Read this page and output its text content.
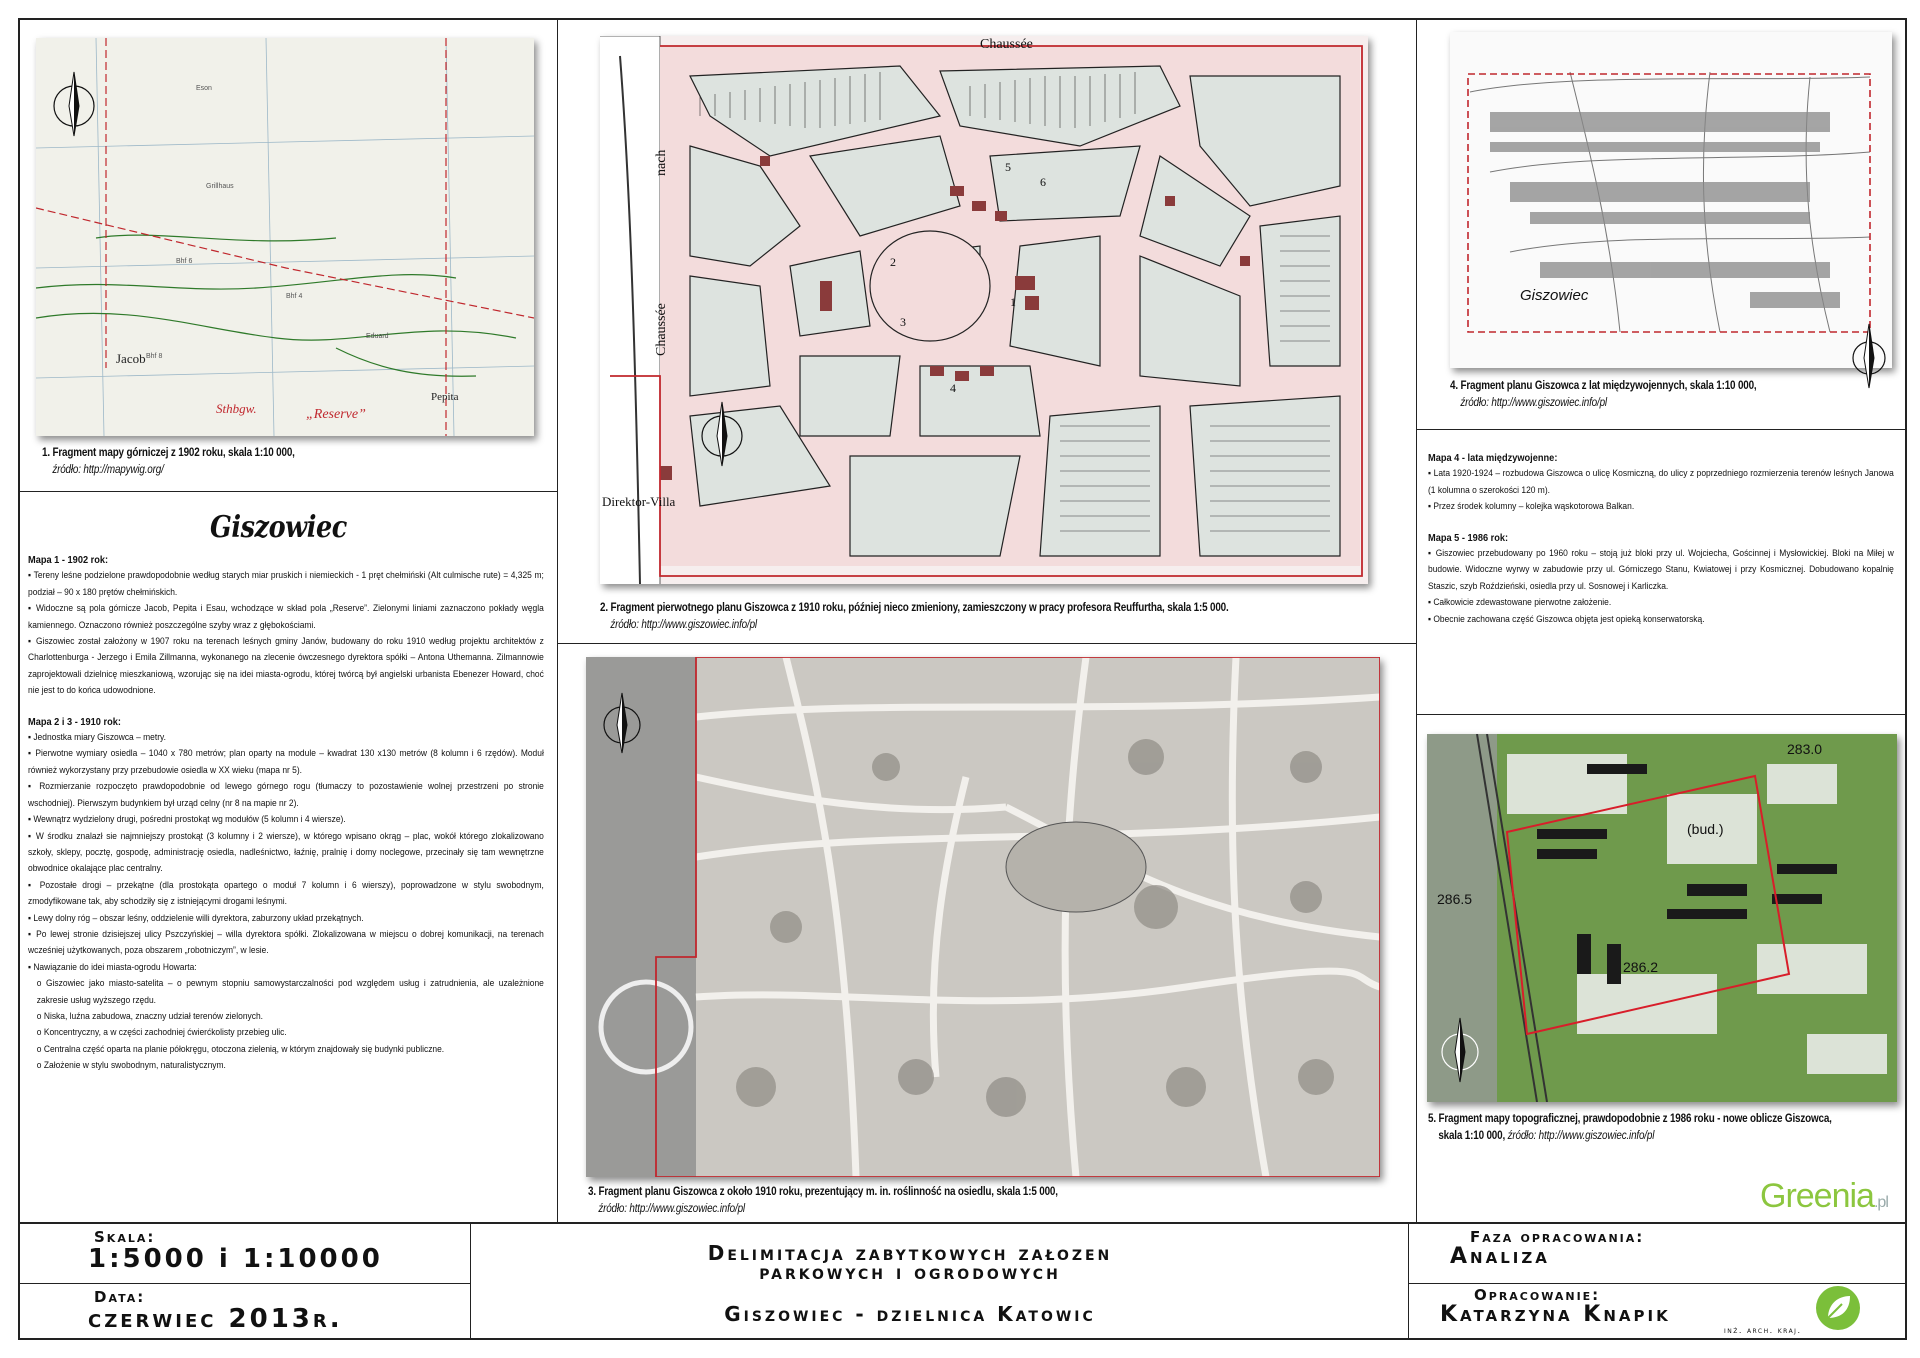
Eson
Grillhaus
Bhf 4
Bhf 6
Bhf 8
Eduard
Jacob
Pepita
Sthbgw.	„Reserve”
1. Fragment mapy górniczej z 1902 roku, skala 1:10 000,
źródło: http://mapywig.org/
Chaussée
Chaussée
nach
Direktor-Villa
1
2
3
4
5
6
2. Fragment pierwotnego planu Giszowca z 1910 roku, później nieco zmieniony, zamieszczony w pracy profesora Reuffurtha, skala 1:5 000.
źródło: http://www.giszowiec.info/pl
3. Fragment planu Giszowca z około 1910 roku, prezentujący m. in. roślinność na osiedlu, skala 1:5 000,
źródło: http://www.giszowiec.info/pl
Giszowiec
4. Fragment planu Giszowca z lat międzywojennych, skala 1:10 000,
źródło: http://www.giszowiec.info/pl
283.0
(bud.)
286.5
286.2
5. Fragment mapy topograficznej, prawdopodobnie z 1986 roku - nowe oblicze Giszowca,
skala 1:10 000, źródło: http://www.giszowiec.info/pl
Giszowiec
Mapa 1 - 1902 rok:

▪ Tereny leśne podzielone prawdopodobnie według starych miar pruskich i niemieckich - 1 pręt chełmiński (Alt culmische rute) = 4,325 m; podział – 90 x 180 prętów chełmińskich.

▪ Widoczne są pola górnicze Jacob, Pepita i Esau, wchodzące w skład pola „Reserve”. Zielonymi liniami zaznaczono pokłady węgla kamiennego. Oznaczono również poszczególne szyby wraz z głębokościami.

▪ Giszowiec został założony w 1907 roku na terenach leśnych gminy Janów, budowany do roku 1910 według projektu architektów z Charlottenburga - Jerzego i Emila Zillmanna, wykonanego na zlecenie ówczesnego dyrektora spółki – Antona Uthemanna. Zilmannowie zaprojektowali dzielnicę mieszkaniową, wzorując się na idei miasta-ogrodu, której twórcą był angielski urbanista Ebenezer Howard, choć nie jest to do końca udowodnione.

Mapa 2 i 3 - 1910 rok:

▪ Jednostka miary Giszowca – metry.

▪ Pierwotne wymiary osiedla – 1040 x 780 metrów; plan oparty na module – kwadrat 130 x130 metrów (8 kolumn i 6 rzędów). Moduł również wykorzystany przy przebudowie osiedla w XX wieku (mapa nr 5).

▪ Rozmierzanie rozpoczęto prawdopodobnie od lewego górnego rogu (tłumaczy to pozostawienie wolnej przestrzeni po stronie wschodniej). Pierwszym budynkiem był urząd celny (nr 8 na mapie nr 2).

▪ Wewnątrz wydzielony drugi, pośredni prostokąt wg modułów (5 kolumn i 4 wiersze).

▪ W środku znalazł sie najmniejszy prostokąt (3 kolumny i 2 wiersze), w którego wpisano okrąg – plac, wokół którego zlokalizowano szkoły, sklepy, pocztę, gospodę, administrację osiedla, nadleśnictwo, łaźnię, pralnię i domy noclegowe, przecinały się tam wewnętrzne obwodnice okalające plac centralny.

▪ Pozostałe drogi – przekątne (dla prostokąta opartego o moduł 7 kolumn i 6 wierszy), poprowadzone w stylu swobodnym, zmodyfikowane tak, aby schodziły się z istniejącymi drogami leśnymi.

▪ Lewy dolny róg – obszar leśny, oddzielenie willi dyrektora, zaburzony układ przekątnych.

▪ Po lewej stronie dzisiejszej ulicy Pszczyńskiej – willa dyrektora spółki. Zlokalizowana w miejscu o dobrej komunikacji, na terenach wcześniej użytkowanych, poza obszarem „robotniczym”, w lesie.

▪ Nawiązanie do idei miasta-ogrodu Howarta:

o Giszowiec jako miasto-satelita – o pewnym stopniu samowystarczalności pod względem usług i zatrudnienia, ale uzależnione zakresie usług wyższego rzędu.

o Niska, luźna zabudowa, znaczny udział terenów zielonych.

o Koncentryczny, a w części zachodniej ćwierćkolisty przebieg ulic.

o Centralna część oparta na planie półokręgu, otoczona zielenią, w którym znajdowały się budynki publiczne.

o Założenie w stylu swobodnym, naturalistycznym.

Mapa 4 - lata międzywojenne:

▪ Lata 1920-1924 – rozbudowa Giszowca o ulicę Kosmiczną, do ulicy z poprzedniego rozmierzenia terenów leśnych Janowa (1 kolumna o szerokości 120 m).

▪ Przez środek kolumny – kolejka wąskotorowa Balkan.

Mapa 5 - 1986 rok:

▪ Giszowiec przebudowany po 1960 roku – stoją już bloki przy ul. Wojciecha, Gościnnej i Mysłowickiej. Bloki na Miłej w budowie. Widoczne wyrwy w zabudowie przy ul. Górniczego Stanu, Kwiatowej i przy Kosmicznej. Dobudowano kopalnię Staszic, szyb Roździeński, osiedla przy ul. Sosnowej i Karliczka.

▪ Całkowicie zdewastowane pierwotne założenie.

▪ Obecnie zachowana część Giszowca objęta jest opieką konserwatorską.

Greenia.pl
Skala:
1:5000 i 1:10000
Data:
czerwiec 2013r.
Delimitacja zabytkowych załozen
parkowych i ogrodowych
Giszowiec - dzielnica Katowic
Faza opracowania:
Analiza
Opracowanie:
Katarzyna Knapik
inż. arch. kraj.
